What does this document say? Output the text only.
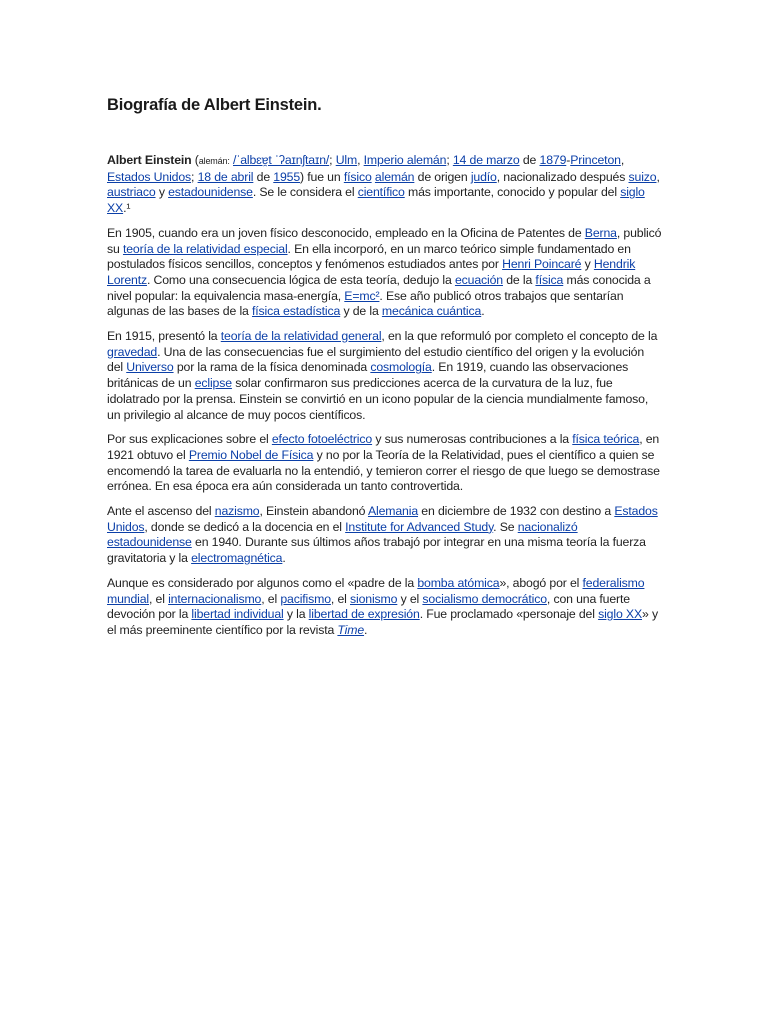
Biografía de Albert Einstein.

Albert Einstein (alemán: /ˈalbɛɐ̯t ˈʔaɪnʃtaɪn/; Ulm, Imperio alemán; 14 de marzo de 1879-Princeton, Estados Unidos; 18 de abril de 1955) fue un físico alemán de origen judío, nacionalizado después suizo, austriaco y estadounidense. Se le considera el científico más importante, conocido y popular del siglo XX.¹

En 1905, cuando era un joven físico desconocido, empleado en la Oficina de Patentes de Berna, publicó su teoría de la relatividad especial. En ella incorporó, en un marco teórico simple fundamentado en postulados físicos sencillos, conceptos y fenómenos estudiados antes por Henri Poincaré y Hendrik Lorentz. Como una consecuencia lógica de esta teoría, dedujo la ecuación de la física más conocida a nivel popular: la equivalencia masa-energía, E=mc². Ese año publicó otros trabajos que sentarían algunas de las bases de la física estadística y de la mecánica cuántica.

En 1915, presentó la teoría de la relatividad general, en la que reformuló por completo el concepto de la gravedad. Una de las consecuencias fue el surgimiento del estudio científico del origen y la evolución del Universo por la rama de la física denominada cosmología. En 1919, cuando las observaciones británicas de un eclipse solar confirmaron sus predicciones acerca de la curvatura de la luz, fue idolatrado por la prensa. Einstein se convirtió en un icono popular de la ciencia mundialmente famoso, un privilegio al alcance de muy pocos científicos.

Por sus explicaciones sobre el efecto fotoeléctrico y sus numerosas contribuciones a la física teórica, en 1921 obtuvo el Premio Nobel de Física y no por la Teoría de la Relatividad, pues el científico a quien se encomendó la tarea de evaluarla no la entendió, y temieron correr el riesgo de que luego se demostrase errónea. En esa época era aún considerada un tanto controvertida.

Ante el ascenso del nazismo, Einstein abandonó Alemania en diciembre de 1932 con destino a Estados Unidos, donde se dedicó a la docencia en el Institute for Advanced Study. Se nacionalizó estadounidense en 1940. Durante sus últimos años trabajó por integrar en una misma teoría la fuerza gravitatoria y la electromagnética.

Aunque es considerado por algunos como el «padre de la bomba atómica», abogó por el federalismo mundial, el internacionalismo, el pacifismo, el sionismo y el socialismo democrático, con una fuerte devoción por la libertad individual y la libertad de expresión. Fue proclamado «personaje del siglo XX» y el más preeminente científico por la revista Time.
